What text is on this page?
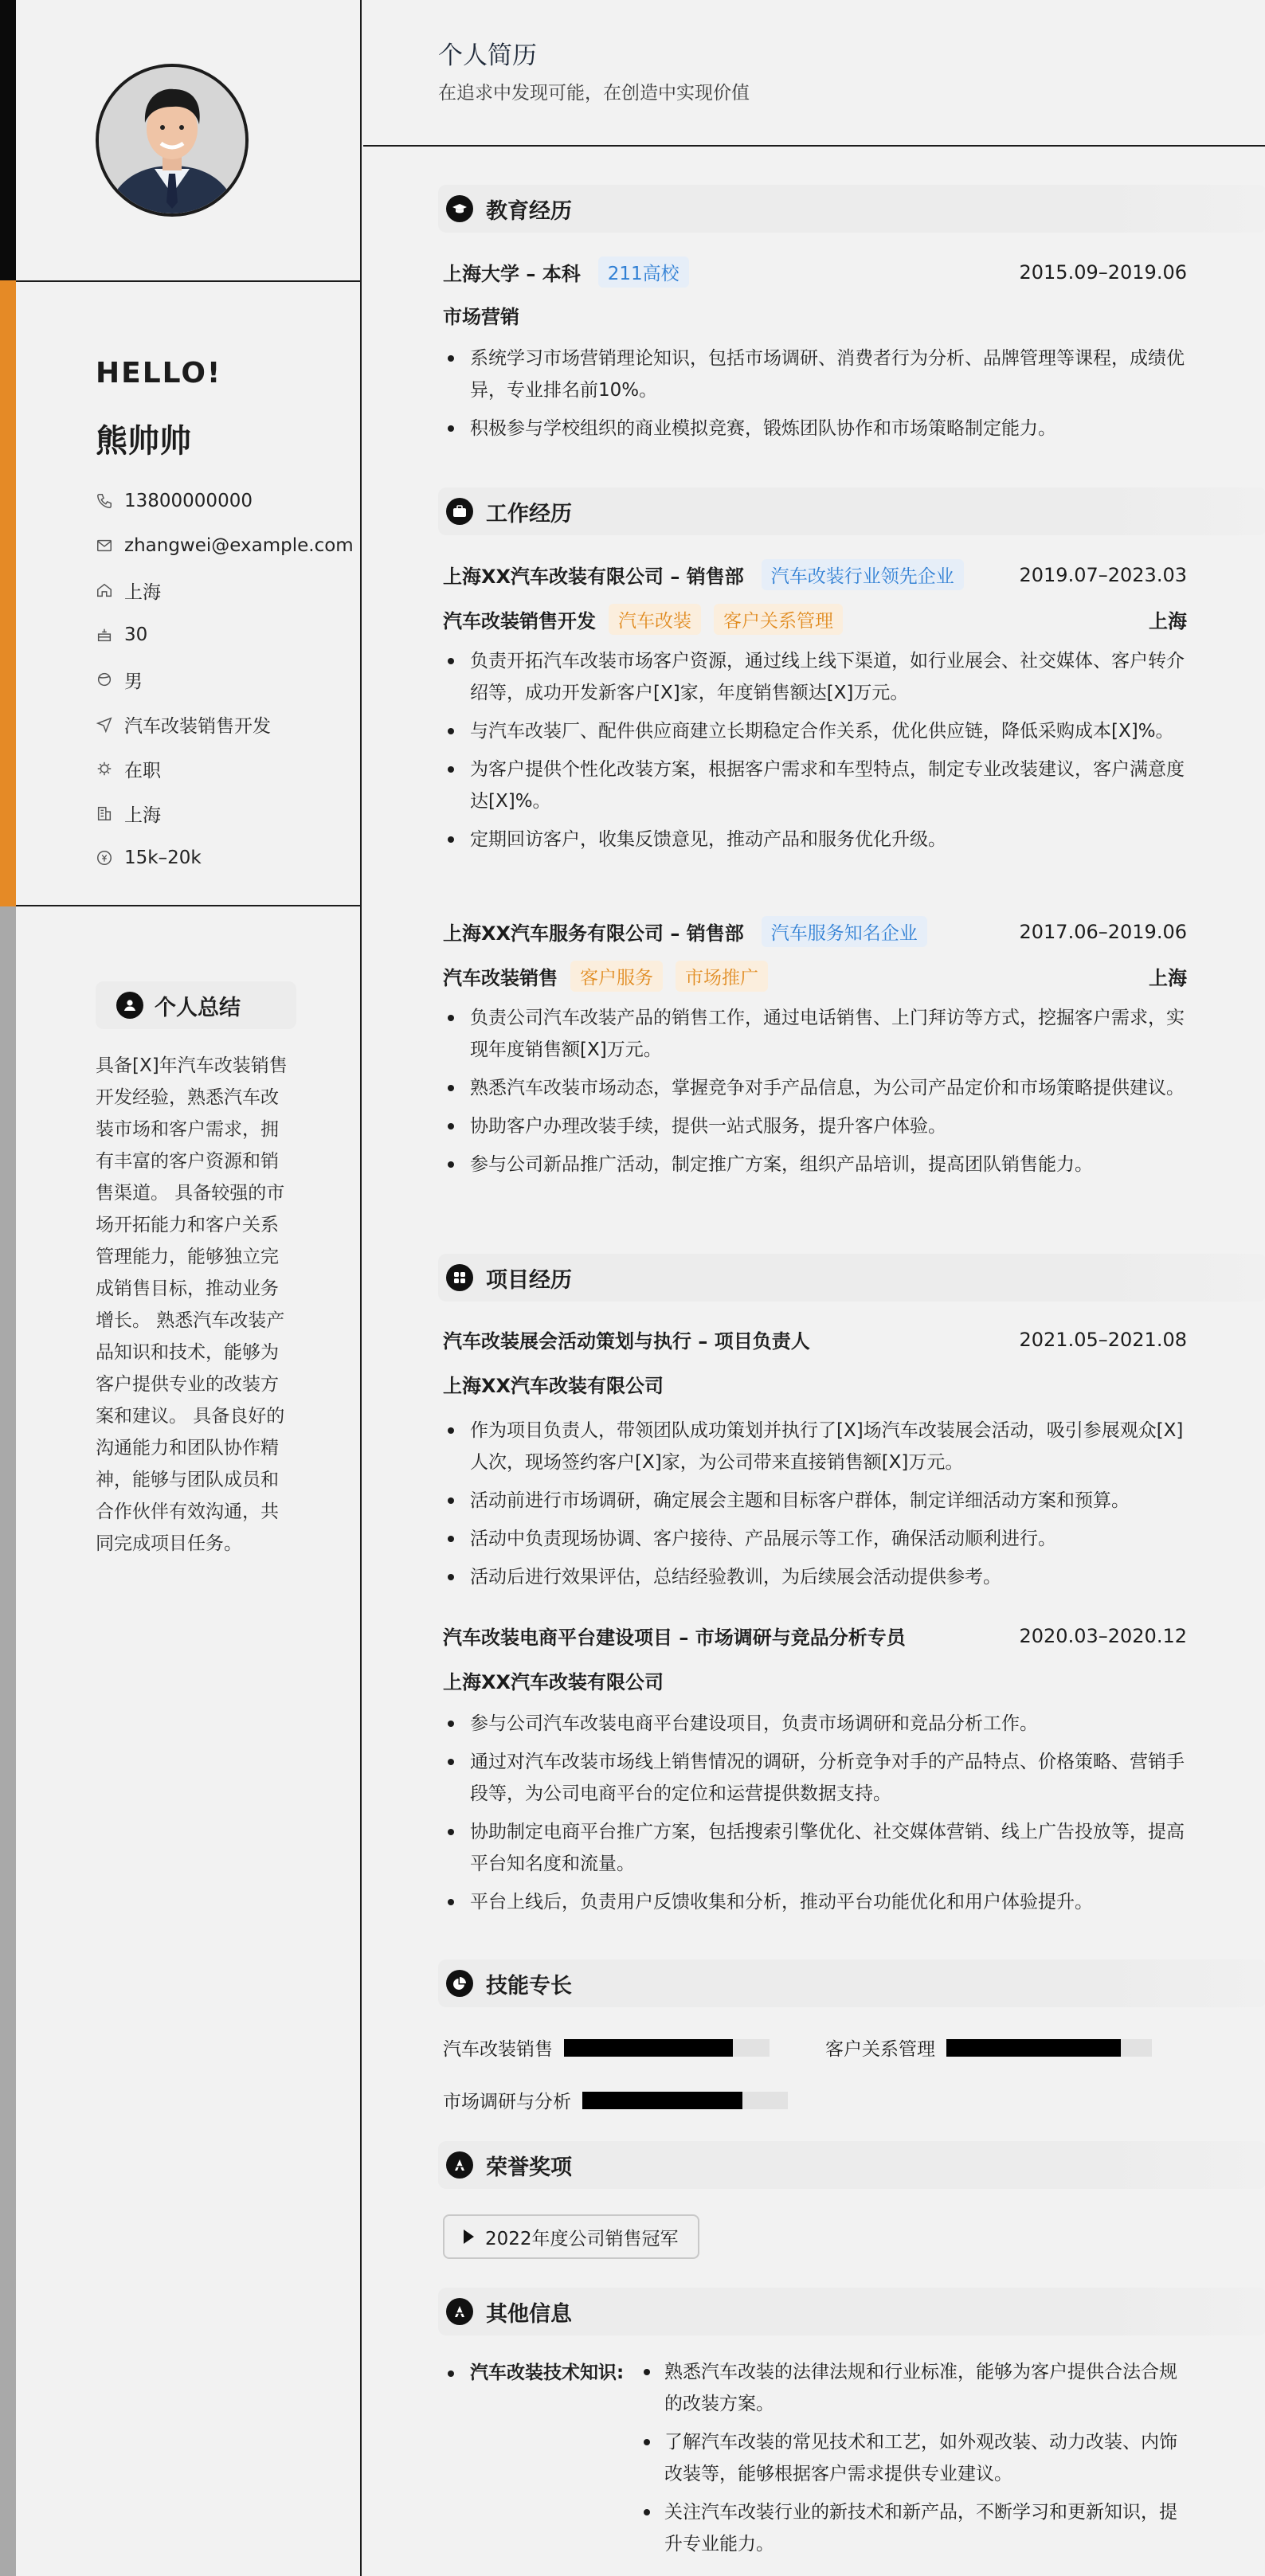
HELLO!
熊帅帅
13800000000
zhangwei@example.com
上海
30
男
汽车改装销售开发
在职
上海
15k–20k
个人总结
具备[X]年汽车改装销售开发经验，熟悉汽车改装市场和客户需求，拥有丰富的客户资源和销售渠道。 具备较强的市场开拓能力和客户关系管理能力，能够独立完成销售目标，推动业务增长。 熟悉汽车改装产品知识和技术，能够为客户提供专业的改装方案和建议。 具备良好的沟通能力和团队协作精神，能够与团队成员和合作伙伴有效沟通，共同完成项目任务。
个人简历
在追求中发现可能，在创造中实现价值
教育经历
上海大学 – 本科	211高校	2015.09–2019.06
市场营销
系统学习市场营销理论知识，包括市场调研、消费者行为分析、品牌管理等课程，成绩优异，专业排名前10%。
积极参与学校组织的商业模拟竞赛，锻炼团队协作和市场策略制定能力。
工作经历
上海XX汽车改装有限公司 – 销售部	汽车改装行业领先企业	2019.07–2023.03
汽车改装销售开发	汽车改装	客户关系管理	上海
负责开拓汽车改装市场客户资源，通过线上线下渠道，如行业展会、社交媒体、客户转介绍等，成功开发新客户[X]家，年度销售额达[X]万元。
与汽车改装厂、配件供应商建立长期稳定合作关系，优化供应链，降低采购成本[X]%。
为客户提供个性化改装方案，根据客户需求和车型特点，制定专业改装建议，客户满意度达[X]%。
定期回访客户，收集反馈意见，推动产品和服务优化升级。
上海XX汽车服务有限公司 – 销售部	汽车服务知名企业	2017.06–2019.06
汽车改装销售	客户服务	市场推广	上海
负责公司汽车改装产品的销售工作，通过电话销售、上门拜访等方式，挖掘客户需求，实现年度销售额[X]万元。
熟悉汽车改装市场动态，掌握竞争对手产品信息，为公司产品定价和市场策略提供建议。
协助客户办理改装手续，提供一站式服务，提升客户体验。
参与公司新品推广活动，制定推广方案，组织产品培训，提高团队销售能力。
项目经历
汽车改装展会活动策划与执行 – 项目负责人	2021.05–2021.08
上海XX汽车改装有限公司
作为项目负责人，带领团队成功策划并执行了[X]场汽车改装展会活动，吸引参展观众[X]人次，现场签约客户[X]家，为公司带来直接销售额[X]万元。
活动前进行市场调研，确定展会主题和目标客户群体，制定详细活动方案和预算。
活动中负责现场协调、客户接待、产品展示等工作，确保活动顺利进行。
活动后进行效果评估，总结经验教训，为后续展会活动提供参考。
汽车改装电商平台建设项目 – 市场调研与竞品分析专员	2020.03–2020.12
上海XX汽车改装有限公司
参与公司汽车改装电商平台建设项目，负责市场调研和竞品分析工作。
通过对汽车改装市场线上销售情况的调研，分析竞争对手的产品特点、价格策略、营销手段等，为公司电商平台的定位和运营提供数据支持。
协助制定电商平台推广方案，包括搜索引擎优化、社交媒体营销、线上广告投放等，提高平台知名度和流量。
平台上线后，负责用户反馈收集和分析，推动平台功能优化和用户体验提升。
技能专长
汽车改装销售	客户关系管理
市场调研与分析
荣誉奖项
2022年度公司销售冠军
其他信息
汽车改装技术知识:	熟悉汽车改装的法律法规和行业标准，能够为客户提供合法合规的改装方案。
了解汽车改装的常见技术和工艺，如外观改装、动力改装、内饰改装等，能够根据客户需求提供专业建议。
关注汽车改装行业的新技术和新产品，不断学习和更新知识，提升专业能力。
